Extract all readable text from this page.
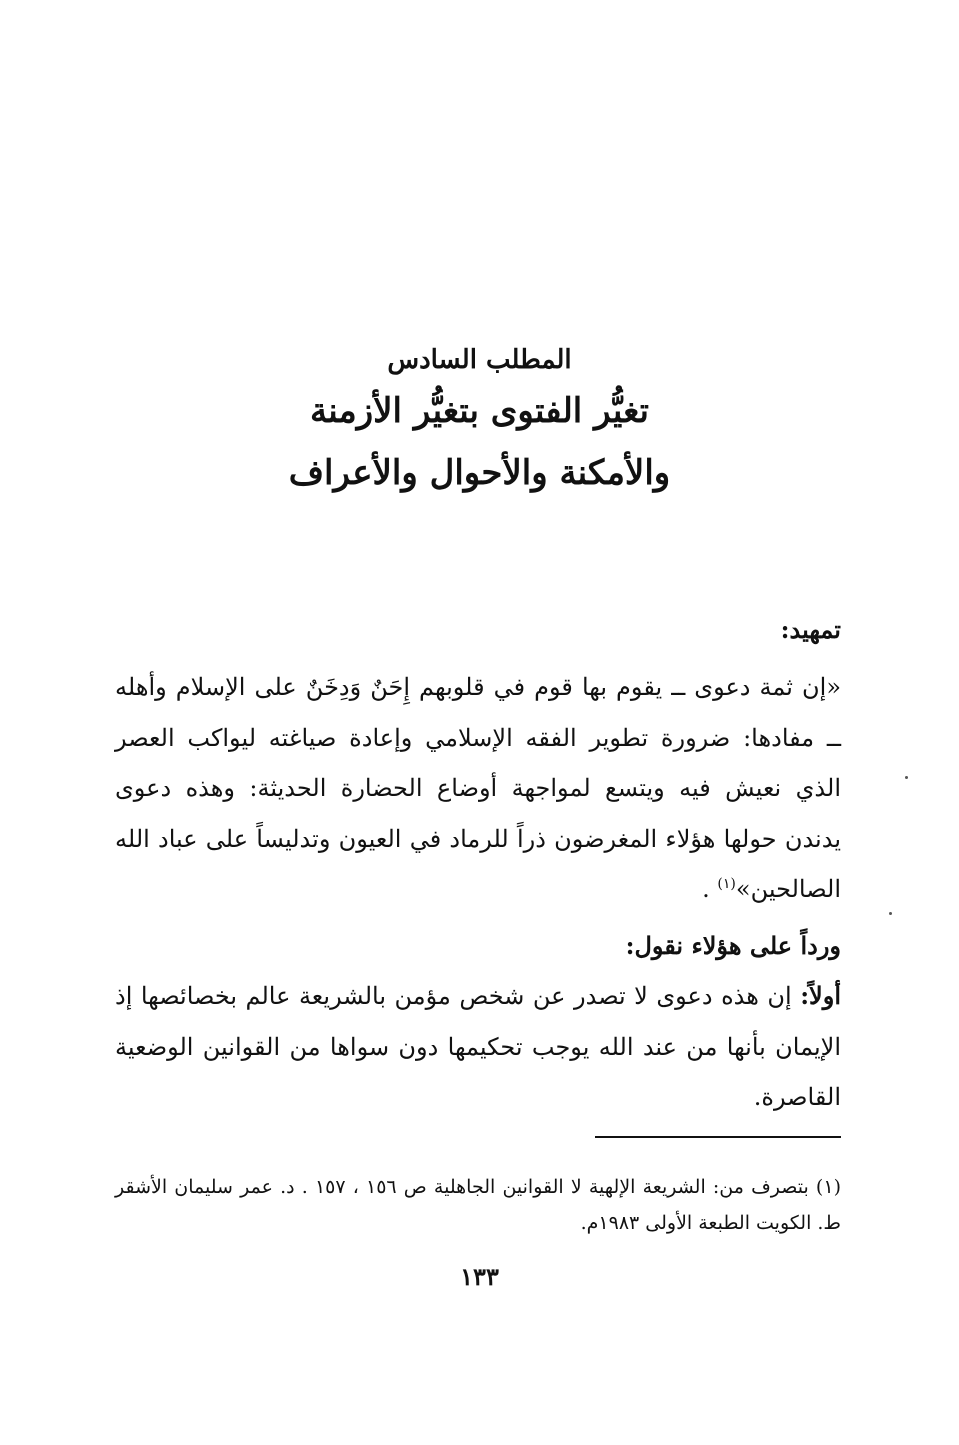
المطلب السادس

تغيُّر الفتوى بتغيُّر الأزمنة

والأمكنة والأحوال والأعراف

تمهيد:

«إن ثمة دعوى ــ يقوم بها قوم في قلوبهم إِحَنٌ وَدِخَنٌ على الإسلام وأهله ــ مفادها: ضرورة تطوير الفقه الإسلامي وإعادة صياغته ليواكب العصر الذي نعيش فيه ويتسع لمواجهة أوضاع الحضارة الحديثة: وهذه دعوى يدندن حولها هؤلاء المغرضون ذراً للرماد في العيون وتدليساً على عباد الله الصالحين»$^{(١)}$ .

ورداً على هؤلاء نقول:

أولاً: إن هذه دعوى لا تصدر عن شخص مؤمن بالشريعة عالم بخصائصها إذ الإيمان بأنها من عند الله يوجب تحكيمها دون سواها من القوانين الوضعية القاصرة.

(١) بتصرف من: الشريعة الإلهية لا القوانين الجاهلية ص ١٥٦ ، ١٥٧ . د. عمر سليمان الأشقر ط. الكويت الطبعة الأولى ١٩٨٣م.

١٣٣
